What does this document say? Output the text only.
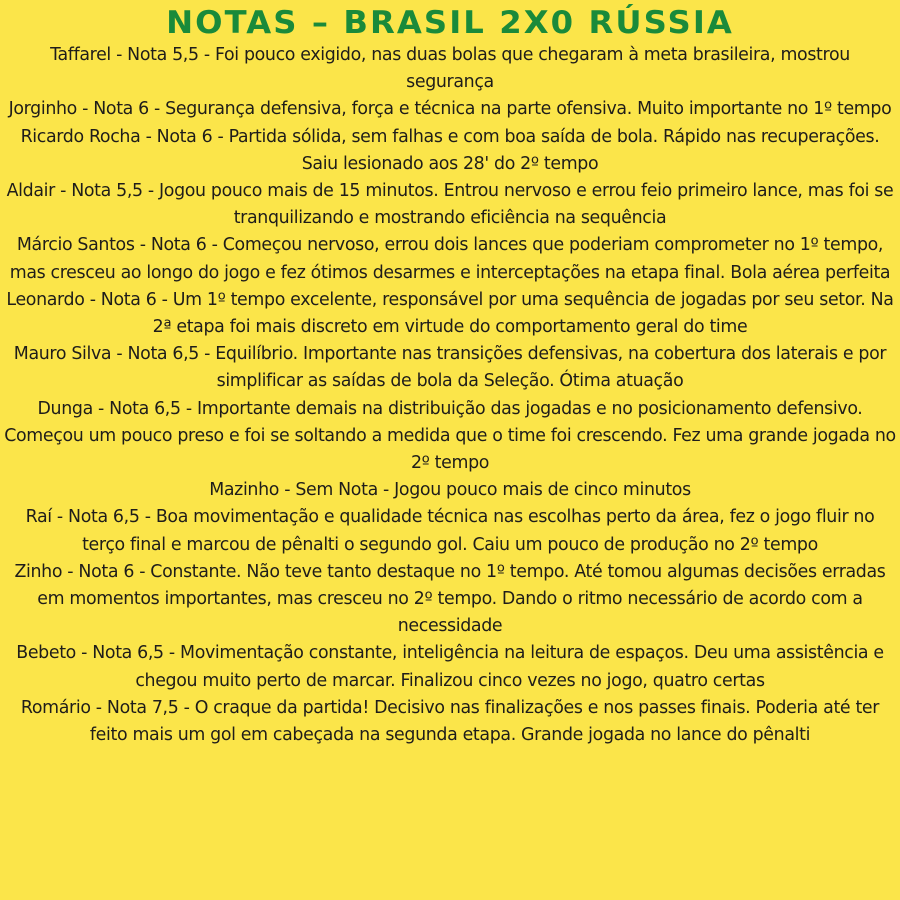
NOTAS – BRASIL 2X0 RÚSSIA
Taffarel - Nota 5,5 - Foi pouco exigido, nas duas bolas que chegaram à meta brasileira, mostrou segurança
Jorginho - Nota 6 - Segurança defensiva, força e técnica na parte ofensiva. Muito importante no 1º tempo
Ricardo Rocha - Nota 6 - Partida sólida, sem falhas e com boa saída de bola. Rápido nas recuperações. Saiu lesionado aos 28' do 2º tempo
Aldair - Nota 5,5 - Jogou pouco mais de 15 minutos. Entrou nervoso e errou feio primeiro lance, mas foi se tranquilizando e mostrando eficiência na sequência
Márcio Santos - Nota 6 - Começou nervoso, errou dois lances que poderiam comprometer no 1º tempo, mas cresceu ao longo do jogo e fez ótimos desarmes e interceptações na etapa final. Bola aérea perfeita
Leonardo - Nota 6 - Um 1º tempo excelente, responsável por uma sequência de jogadas por seu setor. Na 2ª etapa foi mais discreto em virtude do comportamento geral do time
Mauro Silva - Nota 6,5 - Equilíbrio. Importante nas transições defensivas, na cobertura dos laterais e por simplificar as saídas de bola da Seleção. Ótima atuação
Dunga - Nota 6,5 - Importante demais na distribuição das jogadas e no posicionamento defensivo. Começou um pouco preso e foi se soltando a medida que o time foi crescendo. Fez uma grande jogada no 2º tempo
Mazinho - Sem Nota - Jogou pouco mais de cinco minutos
Raí - Nota 6,5 - Boa movimentação e qualidade técnica nas escolhas perto da área, fez o jogo fluir no terço final e marcou de pênalti o segundo gol. Caiu um pouco de produção no 2º tempo
Zinho - Nota 6 - Constante. Não teve tanto destaque no 1º tempo. Até tomou algumas decisões erradas em momentos importantes, mas cresceu no 2º tempo. Dando o ritmo necessário de acordo com a necessidade
Bebeto - Nota 6,5 - Movimentação constante, inteligência na leitura de espaços. Deu uma assistência e chegou muito perto de marcar. Finalizou cinco vezes no jogo, quatro certas
Romário - Nota 7,5 - O craque da partida! Decisivo nas finalizações e nos passes finais. Poderia até ter feito mais um gol em cabeçada na segunda etapa. Grande jogada no lance do pênalti
